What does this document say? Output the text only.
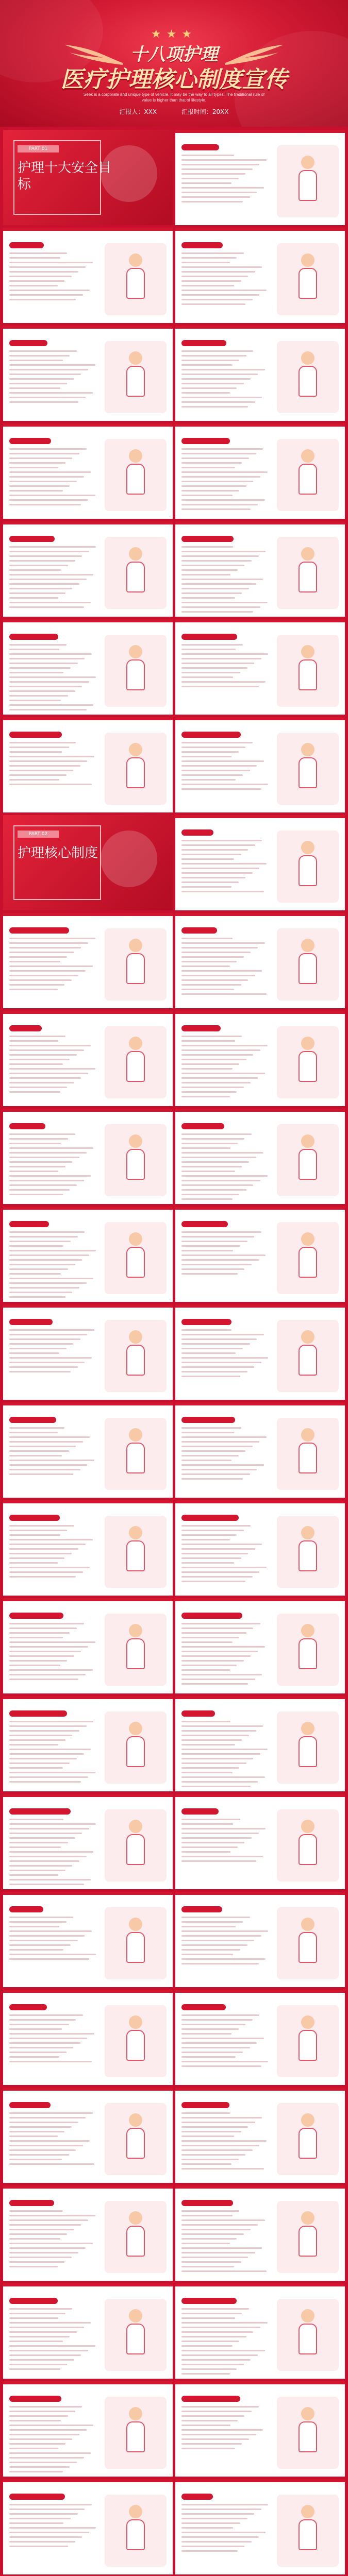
★★★
十八项护理
医疗护理核心制度宣传
Seek is a corporate and unique type of vehicle. It may be the way to all types. The traditional rule of value is higher than that of lifestyle.
汇报人：XXX	汇报时间：20XX
PART 01
护理十大安全目标
PART 02
护理核心制度
